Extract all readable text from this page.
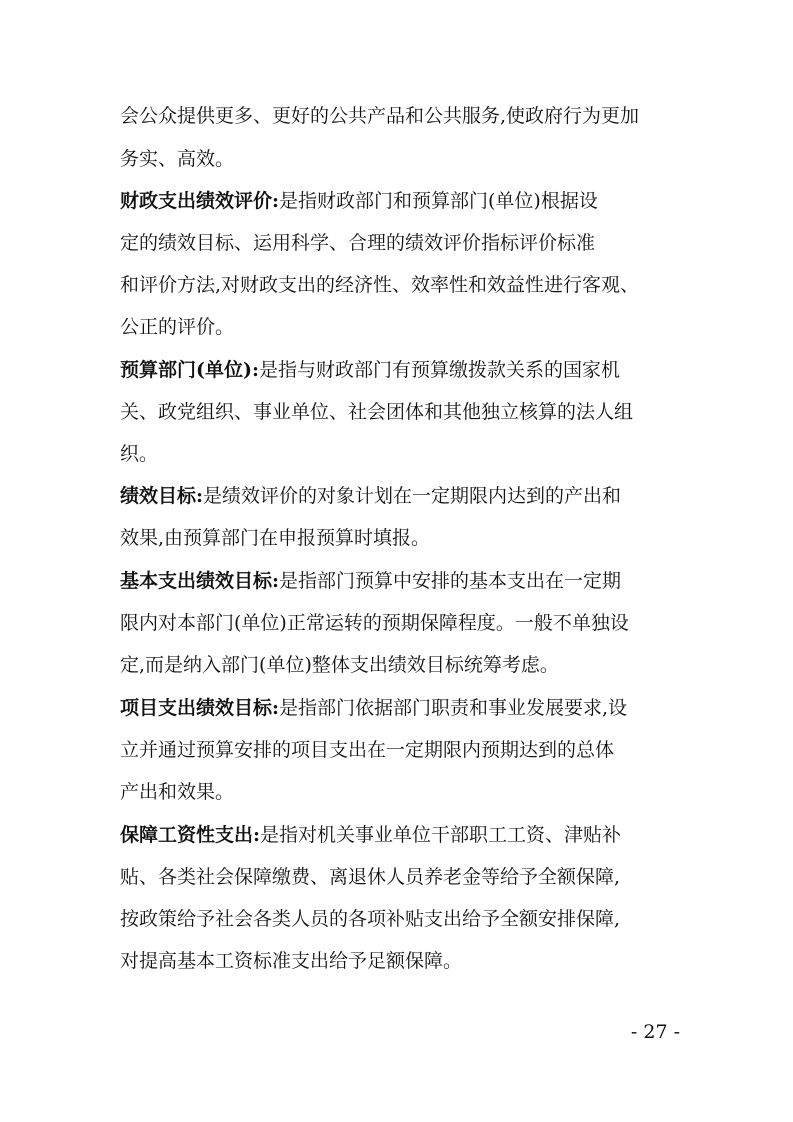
会公众提供更多、更好的公共产品和公共服务,使政府行为更加
务实、高效。
财政支出绩效评价:是指财政部门和预算部门(单位)根据设
定的绩效目标、运用科学、合理的绩效评价指标评价标准
和评价方法,对财政支出的经济性、效率性和效益性进行客观、
公正的评价。
预算部门(单位):是指与财政部门有预算缴拨款关系的国家机
关、政党组织、事业单位、社会团体和其他独立核算的法人组
织。
绩效目标:是绩效评价的对象计划在一定期限内达到的产出和
效果,由预算部门在申报预算时填报。
基本支出绩效目标:是指部门预算中安排的基本支出在一定期
限内对本部门(单位)正常运转的预期保障程度。一般不单独设
定,而是纳入部门(单位)整体支出绩效目标统筹考虑。
项目支出绩效目标:是指部门依据部门职责和事业发展要求,设
立并通过预算安排的项目支出在一定期限内预期达到的总体
产出和效果。
保障工资性支出:是指对机关事业单位干部职工工资、津贴补
贴、各类社会保障缴费、离退休人员养老金等给予全额保障,
按政策给予社会各类人员的各项补贴支出给予全额安排保障,
对提高基本工资标准支出给予足额保障。
- 27 -
